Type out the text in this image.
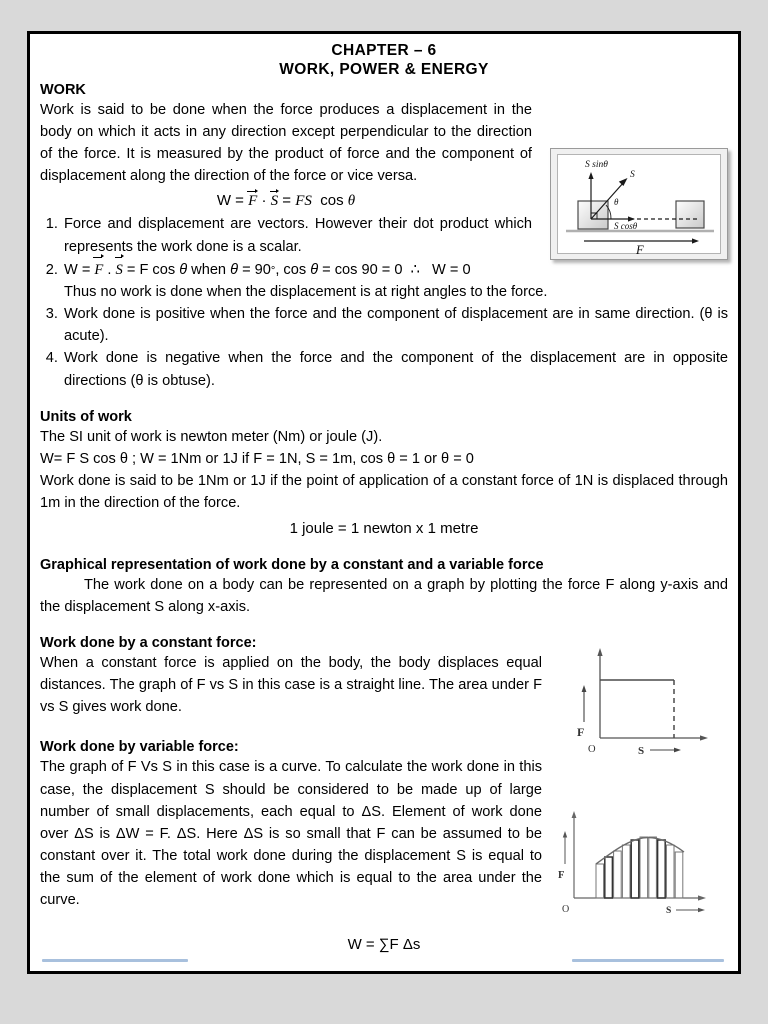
CHAPTER – 6
WORK, POWER & ENERGY
WORK

Work is said to be done when the force produces a displacement in the body on which it acts in any direction except perpendicular to the direction of the force. It is measured by the product of force and the component of displacement along the direction of the force or vice versa.

S sinθ
S
θ
S cosθ
F
W = F · S = FS  cos θ
1. Force and displacement are vectors. However their dot product which represents the work done is a scalar.
2. W = F . S = F cos θ when θ = 90°, cos θ = cos 90 = 0  ∴   W = 0
Thus no work is done when the displacement is at right angles to the force.
3. Work done is positive when the force and the component of displacement are in same direction. (θ is acute).
4. Work done is negative when the force and the component of the displacement are in opposite directions (θ is obtuse).
Units of work

The SI unit of work is newton meter (Nm) or joule (J).

W= F S cos θ ; W = 1Nm or 1J if F = 1N, S = 1m, cos θ = 1 or θ = 0

Work done is said to be 1Nm or 1J if the point of application of a constant force of 1N is displaced through 1m in the direction of the force.

1 joule = 1 newton x 1 metre
Graphical representation of work done by a constant and a variable force

The work done on a body can be represented on a graph by plotting the force F along y-axis and the displacement S along x-axis.

Work done by a constant force:

When a constant force is applied on the body, the body displaces equal distances. The graph of F vs S in this case is a straight line. The area under F vs S gives work done.

F
S
O
Work done by variable force:

The graph of F Vs S in this case is a curve. To calculate the work done in this case, the displacement S should be considered to be made up of large number of small displacements, each equal to ΔS. Element of work done over ΔS is ΔW = F. ΔS. Here ΔS is so small that F can be assumed to be constant over it. The total work done during the displacement S is equal to the sum of the element of work done which is equal to the area under the curve.

F
S
O
W = ∑F Δs
